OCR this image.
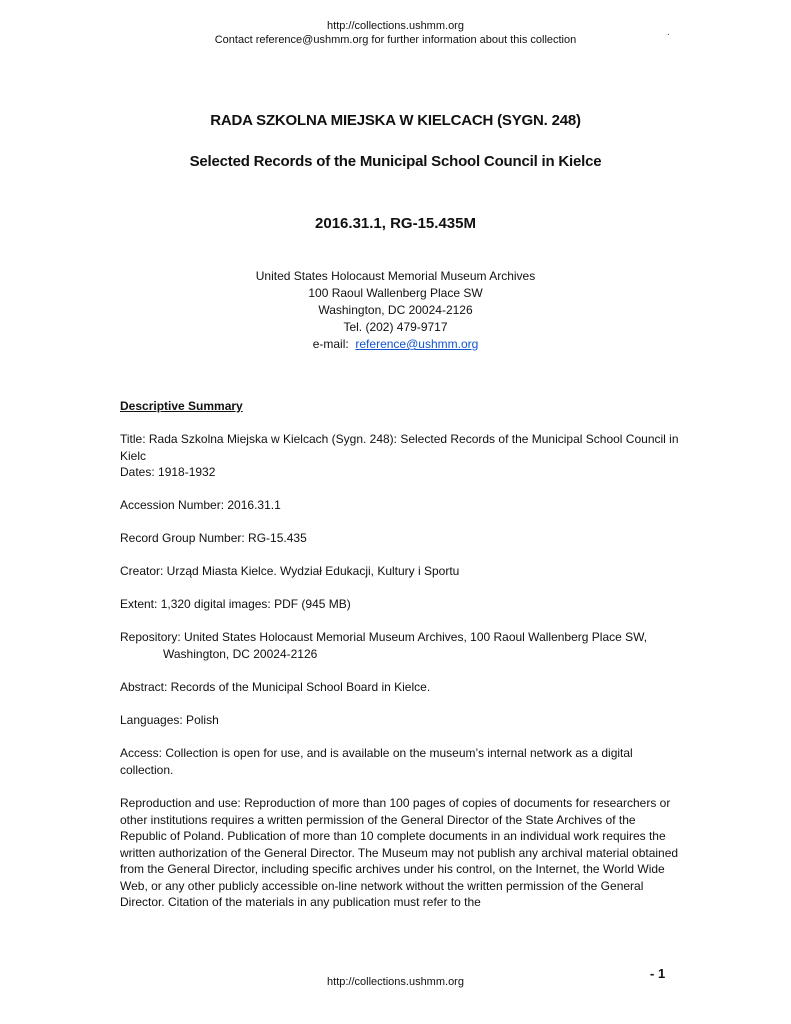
http://collections.ushmm.org
Contact reference@ushmm.org for further information about this collection
.
RADA SZKOLNA MIEJSKA W KIELCACH (SYGN. 248)
Selected Records of the Municipal School Council in Kielce
2016.31.1, RG-15.435M
United States Holocaust Memorial Museum Archives
100 Raoul Wallenberg Place SW
Washington, DC 20024-2126
Tel. (202) 479-9717
e-mail: reference@ushmm.org

Descriptive Summary

Title: Rada Szkolna Miejska w Kielcach (Sygn. 248): Selected Records of the Municipal School Council in Kielc

Dates: 1918-1932

Accession Number: 2016.31.1

Record Group Number: RG-15.435

Creator: Urząd Miasta Kielce. Wydział Edukacji, Kultury i Sportu

Extent: 1,320 digital images: PDF (945 MB)

Repository: United States Holocaust Memorial Museum Archives, 100 Raoul Wallenberg Place SW, Washington, DC 20024-2126

Abstract: Records of the Municipal School Board in Kielce.

Languages: Polish

Access: Collection is open for use, and is available on the museum’s internal network as a digital collection.

Reproduction and use: Reproduction of more than 100 pages of copies of documents for researchers or other institutions requires a written permission of the General Director of the State Archives of the Republic of Poland. Publication of more than 10 complete documents in an individual work requires the written authorization of the General Director. The Museum may not publish any archival material obtained from the General Director, including specific archives under his control, on the Internet, the World Wide Web, or any other publicly accessible on-line network without the written permission of the General Director. Citation of the materials in any publication must refer to the

- 1
http://collections.ushmm.org
